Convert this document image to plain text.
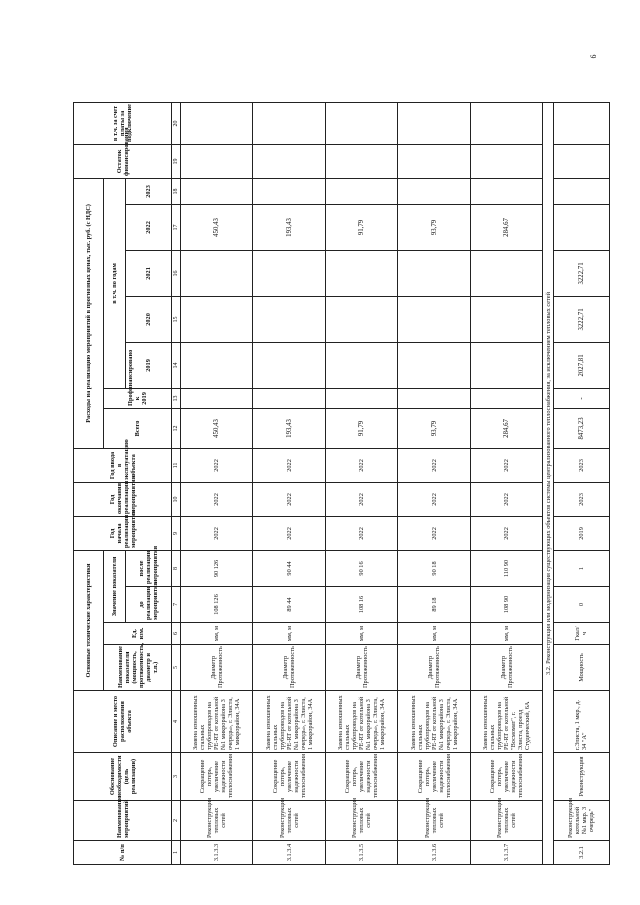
9
№ п/п	Наименование мероприятий	Обоснование необходимости (цель реализации)	Описание и место расположения объекта	Основные технические характеристики				Год начала реализации мероприятия	Год окончания реализации мероприятия	Год ввода в эксплуатацию объекта	Расходы на реализацию мероприятий в прогнозных ценах, тыс. руб. (с НДС)							Остаток финансирования	в т.ч. за счет платы за подключение
				Наименование показателя (мощность, протяженность, диаметр и т.п.)	Ед. изм.	Значение показателя					Всего	Профинансировано к 2019	в т.ч. по годам						
						до реализации мероприятия	после реализации мероприятия						2019	2020	2021	2022	2023		
1	2	3	4	5	6	7	8	9	10	11	12	13	14	15	16	17	18	19	20
3.1.3.3	Реконструкция тепловых сетей	Сокращение потерь, увеличение надежности теплоснабжения	Замена изношенных стальных трубопроводов на PE-RT от котельной №1 микрорайона 3 очередь», г. Элиста, 1 микрорайон, 34А	Диаметр Протяженность	мм, м	108 126	90 126	2022	2022	2022	450,43					450,43			
3.1.3.4	Реконструкция тепловых сетей	Сокращение потерь, увеличение надежности теплоснабжения	Замена изношенных стальных трубопроводов на PE-RT от котельной №1 микрорайона 3 очередь», г. Элиста, 1 микрорайон, 34А	Диаметр Протяженность	мм, м	89 44	90 44	2022	2022	2022	193,43					193,43			
3.1.3.5	Реконструкция тепловых сетей	Сокращение потерь, увеличение надежности теплоснабжения	Замена изношенных стальных трубопроводов на PE-RT от котельной №1 микрорайона 3 очередь», г. Элиста, 1 микрорайон, 34А	Диаметр Протяженность	мм, м	108 16	90 16	2022	2022	2022	91,79					91,79			
3.1.3.6	Реконструкция тепловых сетей	Сокращение потерь, увеличение надежности теплоснабжения	Замена изношенных стальных трубопроводов на PE-RT от котельной №1 микрорайона 3 очередь», г. Элиста, 1 микрорайон, 34А	Диаметр Протяженность	мм, м	89 18	90 18	2022	2022	2022	93,79					93,79			
3.1.3.7	Реконструкция тепловых сетей	Сокращение потерь, увеличение надежности теплоснабжения	Замена изношенных стальных трубопроводов на PE-RT от котельной "Восмомат", г. Элиста, проезд Студенческий, 6А	Диаметр Протяженность	мм, м	108 90	110 90	2022	2022	2022	284,67					284,67			
3.2. Реконструкция или модернизация существующих объектов системы централизованного теплоснабжения, за исключением тепловых сетей																			
3.2.1	Реконструкция котельной №1 мкр. 3 очередь"	Реконструкция	г.Элиста, 1 мкр., д. 34 "А"	Мощность	Гкал/ч	0	1	2019	2023	2023	8473,23	-	2027,81	3222,71	3222,71				
